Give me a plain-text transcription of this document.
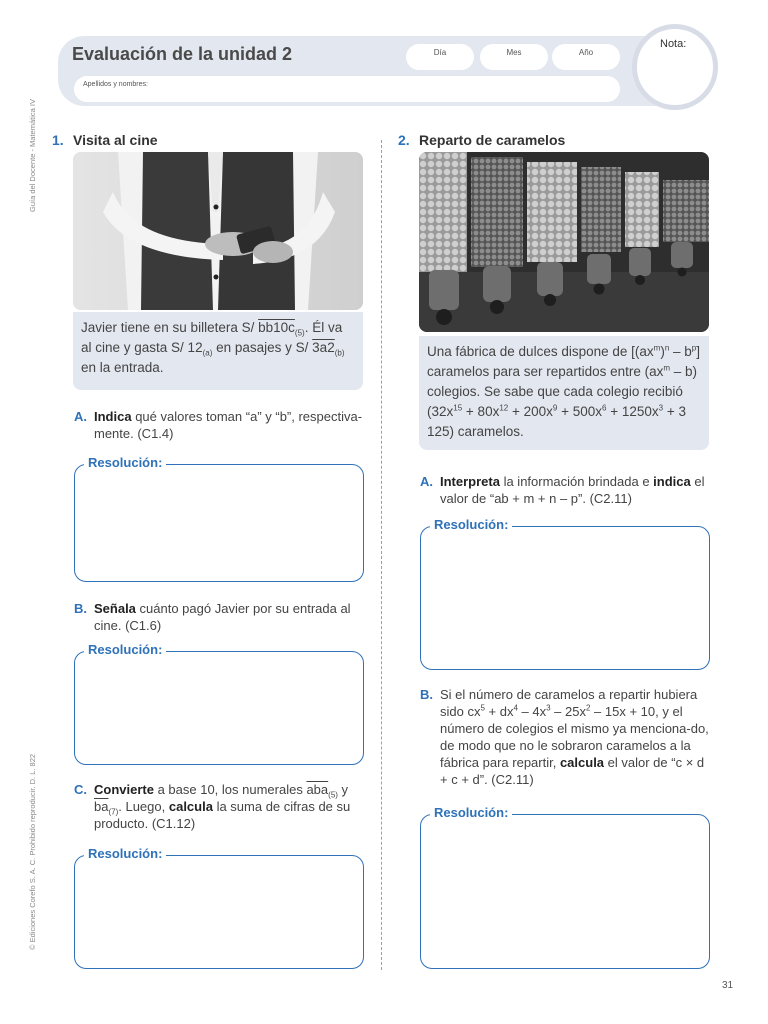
Evaluación de la unidad 2	Día	Mes	Año
Apellidos y nombres:
Nota:
Guía del Docente - Matemática IV
© Ediciones Corefo S. A. C. Prohibido reproducir. D. L. 822
1. Visita al cine
Javier tiene en su billetera S/ $bb10c_{(5)}$. Él va al cine y gasta S/ $12_{(a)}$ en pasajes y S/ $3a2_{(b)}$ en la entrada.
A. Indica qué valores toman “a” y “b”, respectiva-mente. (C1.4)
Resolución:
B. Señala cuánto pagó Javier por su entrada al cine. (C1.6)
Resolución:
C. Convierte a base 10, los numerales $\overline{aba}_{(5)}$ y $\overline{ba}_{(7)}$. Luego, calcula la suma de cifras de su producto. (C1.12)
Resolución:
2. Reparto de caramelos
Una fábrica de dulces dispone de $[(ax^m)^n - b^p]$ caramelos para ser repartidos entre $(ax^m - b)$ colegios. Se sabe que cada colegio recibió ($32x^{15} + 80x^{12} + 200x^9 + 500x^6 + 1250x^3 + 3$ 125) caramelos.
A. Interpreta la información brindada e indica el valor de “ab + m + n – p”. (C2.11)
Resolución:
B. Si el número de caramelos a repartir hubiera sido $cx^5 + dx^4 - 4x^3 - 25x^2 - 15x + 10$, y el número de colegios el mismo ya menciona-do, de modo que no le sobraron caramelos a la fábrica para repartir, calcula el valor de “c × d + c + d”. (C2.11)
Resolución:
31
